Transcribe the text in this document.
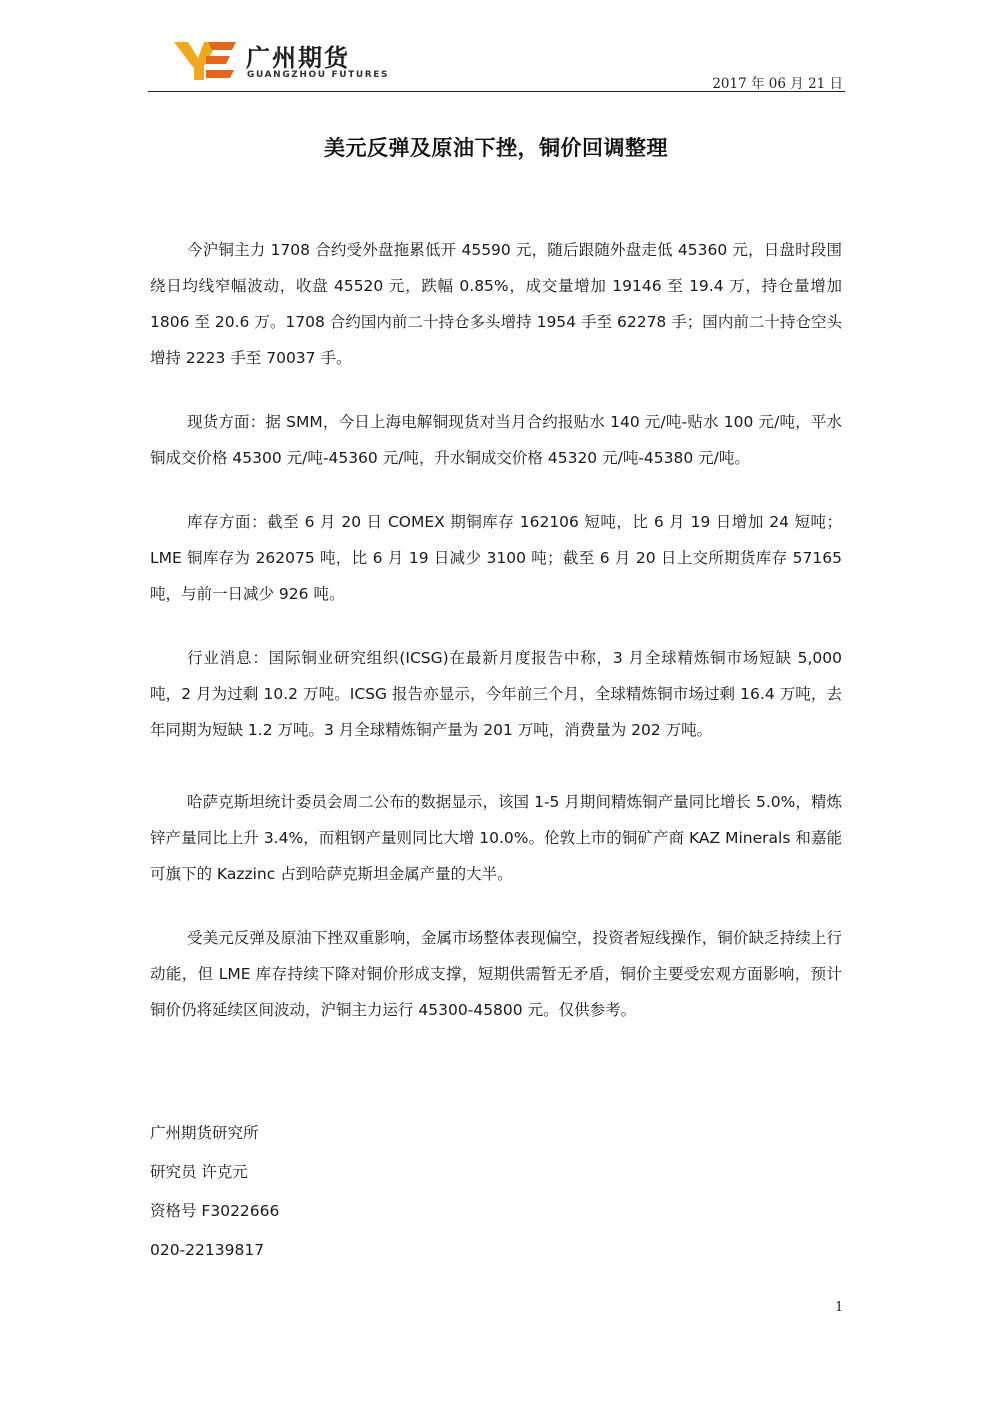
广州期货
GUANGZHOU FUTURES
2017 年 06 月 21 日
美元反弹及原油下挫，铜价回调整理

今沪铜主力 1708 合约受外盘拖累低开 45590 元，随后跟随外盘走低 45360 元，日盘时段围绕日均线窄幅波动，收盘 45520 元，跌幅 0.85%，成交量增加 19146 至 19.4 万，持仓量增加 1806 至 20.6 万。1708 合约国内前二十持仓多头增持 1954 手至 62278 手；国内前二十持仓空头增持 2223 手至 70037 手。

现货方面：据 SMM，今日上海电解铜现货对当月合约报贴水 140 元/吨-贴水 100 元/吨，平水铜成交价格 45300 元/吨-45360 元/吨，升水铜成交价格 45320 元/吨-45380 元/吨。

库存方面：截至 6 月 20 日 COMEX 期铜库存 162106 短吨，比 6 月 19 日增加 24 短吨；LME 铜库存为 262075 吨，比 6 月 19 日减少 3100 吨；截至 6 月 20 日上交所期货库存 57165 吨，与前一日减少 926 吨。

行业消息：国际铜业研究组织(ICSG)在最新月度报告中称，3 月全球精炼铜市场短缺 5,000 吨，2 月为过剩 10.2 万吨。ICSG 报告亦显示，今年前三个月，全球精炼铜市场过剩 16.4 万吨，去年同期为短缺 1.2 万吨。3 月全球精炼铜产量为 201 万吨，消费量为 202 万吨。

哈萨克斯坦统计委员会周二公布的数据显示，该国 1-5 月期间精炼铜产量同比增长 5.0%，精炼锌产量同比上升 3.4%，而粗钢产量则同比大增 10.0%。伦敦上市的铜矿产商 KAZ Minerals 和嘉能可旗下的 Kazzinc 占到哈萨克斯坦金属产量的大半。

受美元反弹及原油下挫双重影响，金属市场整体表现偏空，投资者短线操作，铜价缺乏持续上行动能，但 LME 库存持续下降对铜价形成支撑，短期供需暂无矛盾，铜价主要受宏观方面影响，预计铜价仍将延续区间波动，沪铜主力运行 45300-45800 元。仅供参考。

广州期货研究所
研究员 许克元
资格号 F3022666
020-22139817
1
